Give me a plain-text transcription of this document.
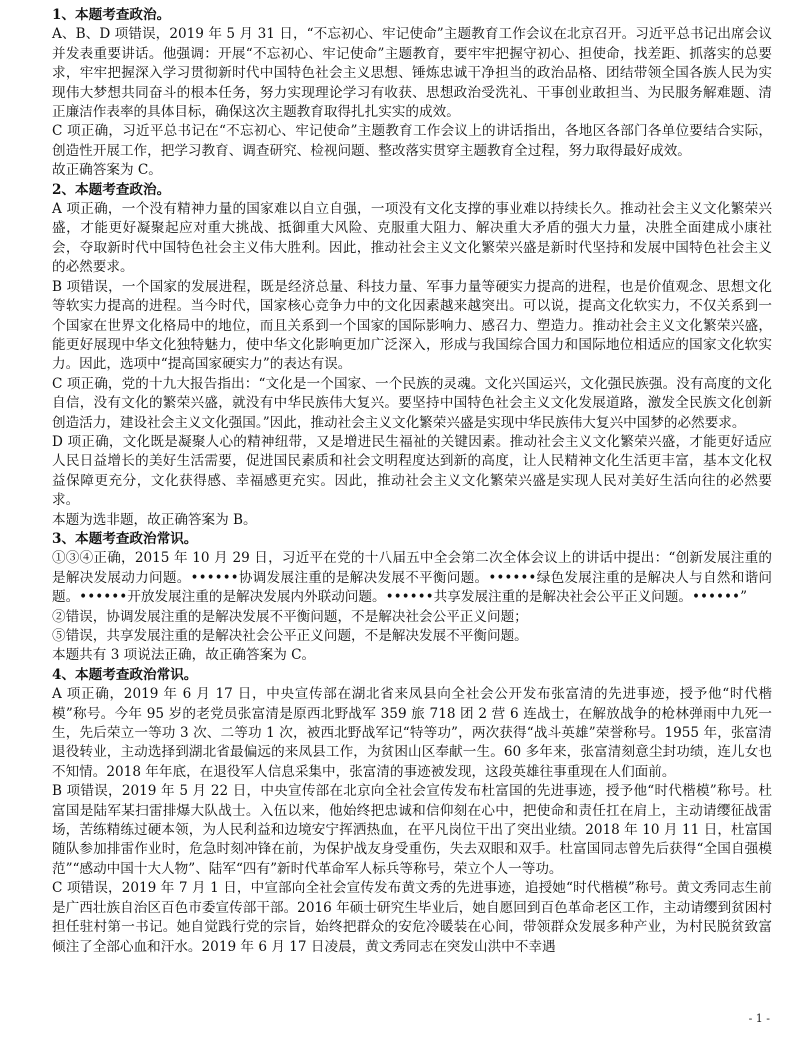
1、本题考查政治。

A、B、D 项错误，2019 年 5 月 31 日，“不忘初心、牢记使命”主题教育工作会议在北京召开。习近平总书记出席会议并发表重要讲话。他强调：开展“不忘初心、牢记使命”主题教育，要牢牢把握守初心、担使命，找差距、抓落实的总要求，牢牢把握深入学习贯彻新时代中国特色社会主义思想、锤炼忠诚干净担当的政治品格、团结带领全国各族人民为实现伟大梦想共同奋斗的根本任务，努力实现理论学习有收获、思想政治受洗礼、干事创业敢担当、为民服务解难题、清正廉洁作表率的具体目标，确保这次主题教育取得扎扎实实的成效。

C 项正确，习近平总书记在“不忘初心、牢记使命”主题教育工作会议上的讲话指出，各地区各部门各单位要结合实际，创造性开展工作，把学习教育、调查研究、检视问题、整改落实贯穿主题教育全过程，努力取得最好成效。

故正确答案为 C。

2、本题考查政治。

A 项正确，一个没有精神力量的国家难以自立自强，一项没有文化支撑的事业难以持续长久。推动社会主义文化繁荣兴盛，才能更好凝聚起应对重大挑战、抵御重大风险、克服重大阻力、解决重大矛盾的强大力量，决胜全面建成小康社会，夺取新时代中国特色社会主义伟大胜利。因此，推动社会主义文化繁荣兴盛是新时代坚持和发展中国特色社会主义的必然要求。

B 项错误，一个国家的发展进程，既是经济总量、科技力量、军事力量等硬实力提高的进程，也是价值观念、思想文化等软实力提高的进程。当今时代，国家核心竞争力中的文化因素越来越突出。可以说，提高文化软实力，不仅关系到一个国家在世界文化格局中的地位，而且关系到一个国家的国际影响力、感召力、塑造力。推动社会主义文化繁荣兴盛，能更好展现中华文化独特魅力，使中华文化影响更加广泛深入，形成与我国综合国力和国际地位相适应的国家文化软实力。因此，选项中“提高国家硬实力”的表达有误。

C 项正确，党的十九大报告指出：“文化是一个国家、一个民族的灵魂。文化兴国运兴，文化强民族强。没有高度的文化自信，没有文化的繁荣兴盛，就没有中华民族伟大复兴。要坚持中国特色社会主义文化发展道路，激发全民族文化创新创造活力，建设社会主义文化强国。”因此，推动社会主义文化繁荣兴盛是实现中华民族伟大复兴中国梦的必然要求。

D 项正确，文化既是凝聚人心的精神纽带，又是增进民生福祉的关键因素。推动社会主义文化繁荣兴盛，才能更好适应人民日益增长的美好生活需要，促进国民素质和社会文明程度达到新的高度，让人民精神文化生活更丰富，基本文化权益保障更充分，文化获得感、幸福感更充实。因此，推动社会主义文化繁荣兴盛是实现人民对美好生活向往的必然要求。

本题为选非题，故正确答案为 B。

3、本题考查政治常识。

①③④正确，2015 年 10 月 29 日，习近平在党的十八届五中全会第二次全体会议上的讲话中提出：“创新发展注重的是解决发展动力问题。••••••协调发展注重的是解决发展不平衡问题。••••••绿色发展注重的是解决人与自然和谐问题。••••••开放发展注重的是解决发展内外联动问题。••••••共享发展注重的是解决社会公平正义问题。••••••”

②错误，协调发展注重的是解决发展不平衡问题，不是解决社会公平正义问题；

⑤错误，共享发展注重的是解决社会公平正义问题，不是解决发展不平衡问题。

本题共有 3 项说法正确，故正确答案为 C。

4、本题考查政治常识。

A 项正确，2019 年 6 月 17 日，中央宣传部在湖北省来凤县向全社会公开发布张富清的先进事迹，授予他“时代楷模”称号。今年 95 岁的老党员张富清是原西北野战军 359 旅 718 团 2 营 6 连战士，在解放战争的枪林弹雨中九死一生，先后荣立一等功 3 次、二等功 1 次，被西北野战军记“特等功”，两次获得“战斗英雄”荣誉称号。1955 年，张富清退役转业，主动选择到湖北省最偏远的来凤县工作，为贫困山区奉献一生。60 多年来，张富清刻意尘封功绩，连儿女也不知情。2018 年年底，在退役军人信息采集中，张富清的事迹被发现，这段英雄往事重现在人们面前。

B 项错误，2019 年 5 月 22 日，中央宣传部在北京向全社会宣传发布杜富国的先进事迹，授予他“时代楷模”称号。杜富国是陆军某扫雷排爆大队战士。入伍以来，他始终把忠诚和信仰刻在心中，把使命和责任扛在肩上，主动请缨征战雷场，苦练精练过硬本领，为人民利益和边境安宁挥洒热血，在平凡岗位干出了突出业绩。2018 年 10 月 11 日，杜富国随队参加排雷作业时，危急时刻冲锋在前，为保护战友身受重伤，失去双眼和双手。杜富国同志曾先后获得“全国自强模范”“感动中国十大人物”、陆军“四有”新时代革命军人标兵等称号，荣立个人一等功。

C 项错误，2019 年 7 月 1 日，中宣部向全社会宣传发布黄文秀的先进事迹，追授她“时代楷模”称号。黄文秀同志生前是广西壮族自治区百色市委宣传部干部。2016 年硕士研究生毕业后，她自愿回到百色革命老区工作，主动请缨到贫困村担任驻村第一书记。她自觉践行党的宗旨，始终把群众的安危冷暖装在心间，带领群众发展多种产业，为村民脱贫致富倾注了全部心血和汗水。2019 年 6 月 17 日凌晨，黄文秀同志在突发山洪中不幸遇

- 1 -
